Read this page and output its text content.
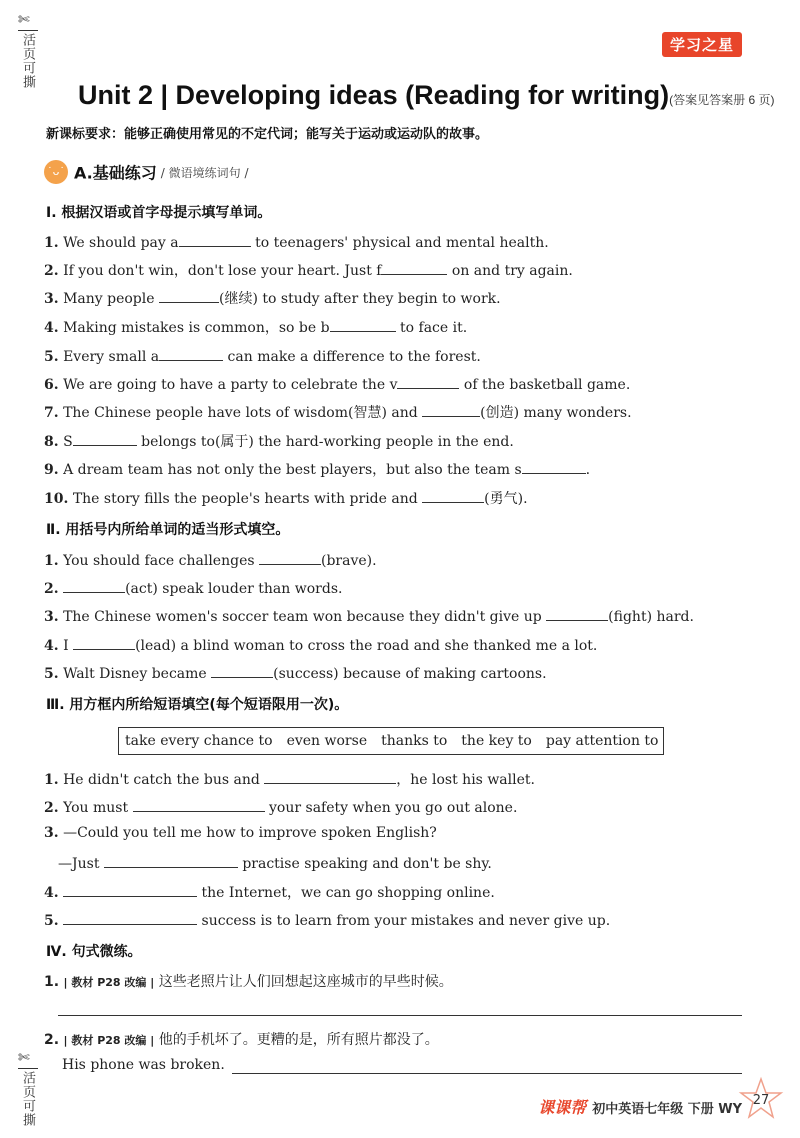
✄
活页可撕
✄
活页可撕
学习之星
Unit 2 | Developing ideas (Reading for writing)(答案见答案册 6 页)
新课标要求：能够正确使用常见的不定代词；能写关于运动或运动队的故事。
˙ᴗ˙ A.基础练习 / 微语境练词句 /
Ⅰ. 根据汉语或首字母提示填写单词。
1. We should pay a	to teenagers' physical and mental health.
2. If you don't win，don't lose your heart. Just f	on and try again.
3. Many people	(继续) to study after they begin to work.
4. Making mistakes is common，so be b	to face it.
5. Every small a	can make a difference to the forest.
6. We are going to have a party to celebrate the v	of the basketball game.
7. The Chinese people have lots of wisdom(智慧) and	(创造) many wonders.
8. S	belongs to(属于) the hard-working people in the end.
9. A dream team has not only the best players，but also the team s	.
10. The story fills the people's hearts with pride and	(勇气).
Ⅱ. 用括号内所给单词的适当形式填空。
1. You should face challenges	(brave).
2.	(act) speak louder than words.
3. The Chinese women's soccer team won because they didn't give up	(fight) hard.
4. I	(lead) a blind woman to cross the road and she thanked me a lot.
5. Walt Disney became	(success) because of making cartoons.
Ⅲ. 用方框内所给短语填空(每个短语限用一次)。
take every chance to even worse thanks to the key to pay attention to
1. He didn't catch the bus and	，he lost his wallet.
2. You must	your safety when you go out alone.
3. —Could you tell me how to improve spoken English?
—Just	practise speaking and don't be shy.
4.	the Internet，we can go shopping online.
5.	success is to learn from your mistakes and never give up.
Ⅳ. 句式微练。
1. | 教材 P28 改编 | 这些老照片让人们回想起这座城市的早些时候。
2. | 教材 P28 改编 | 他的手机坏了。更糟的是，所有照片都没了。
His phone was broken.
课课帮 初中英语七年级 下册 WY
27
